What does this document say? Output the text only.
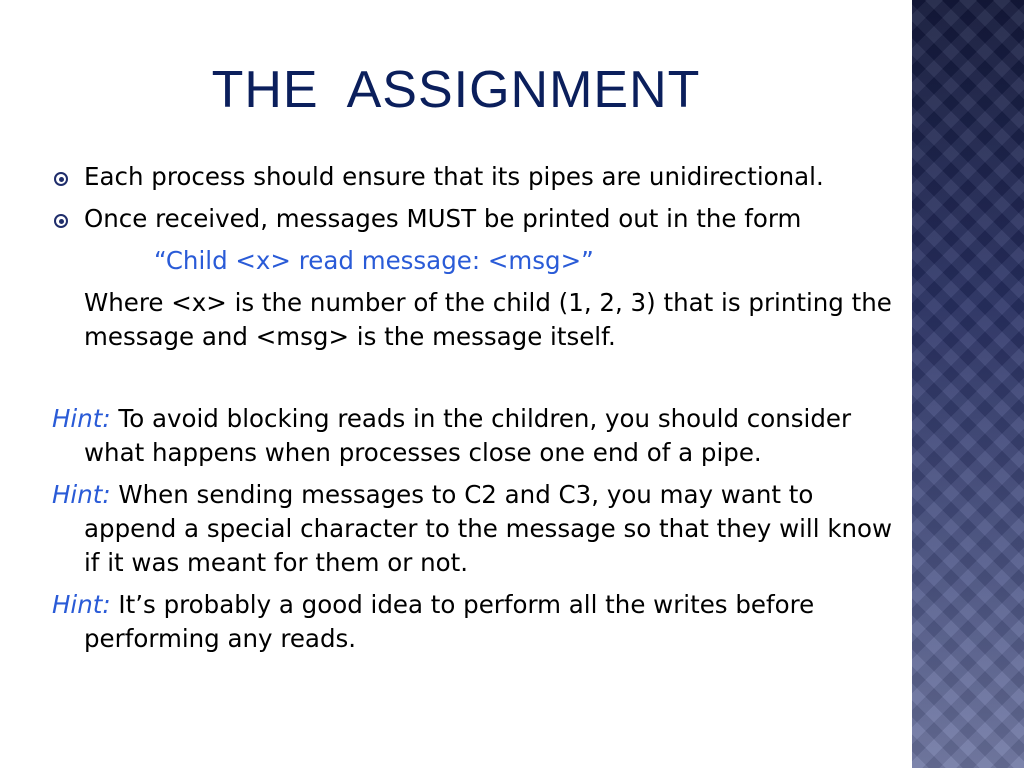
THE  ASSIGNMENT
Each process should ensure that its pipes are unidirectional.
Once received, messages MUST be printed out in the form
“Child <x> read message: <msg>”
Where <x> is the number of the child (1, 2, 3) that is printing the message and <msg> is the message itself.
Hint: To avoid blocking reads in the children, you should consider what happens when processes close one end of a pipe.
Hint: When sending messages to C2 and C3, you may want to append a special character to the message so that they will know if it was meant for them or not.
Hint: It’s probably a good idea to perform all the writes before performing any reads.
